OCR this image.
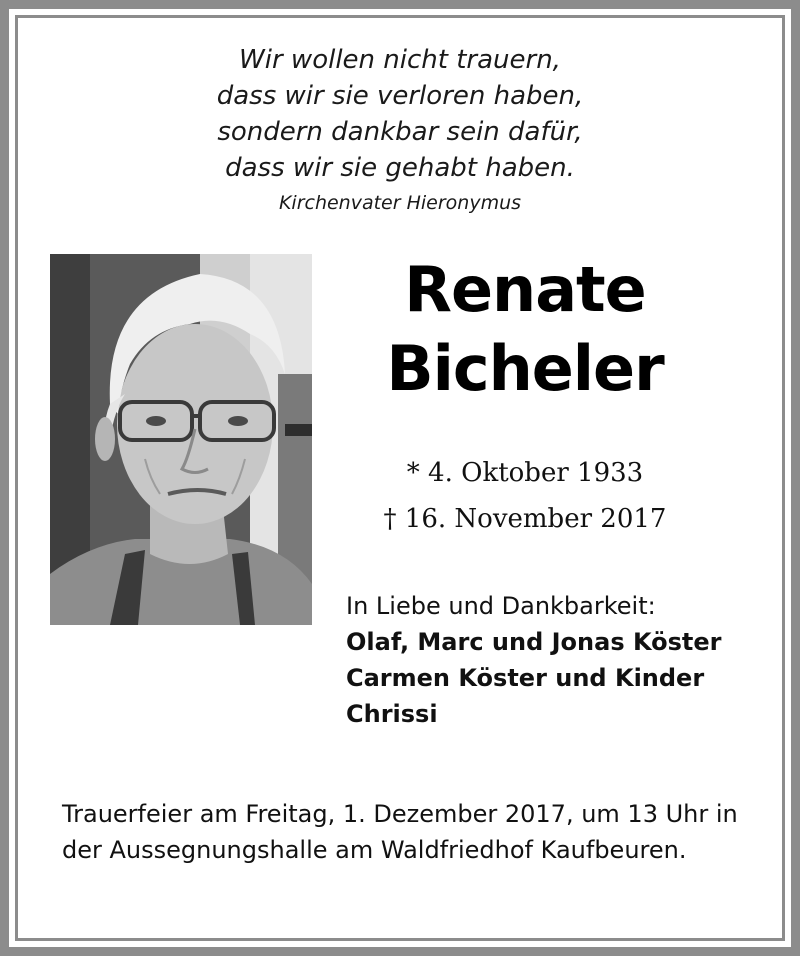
Wir wollen nicht trauern,
dass wir sie verloren haben,
sondern dankbar sein dafür,
dass wir sie gehabt haben.
Kirchenvater Hieronymus
Renate
Bicheler
* 4. Oktober 1933
† 16. November 2017
In Liebe und Dankbarkeit:
Olaf, Marc und Jonas Köster
Carmen Köster und Kinder
Chrissi
Trauerfeier am Freitag, 1. Dezember 2017, um 13 Uhr in der Aussegnungshalle am Waldfriedhof Kaufbeuren.
